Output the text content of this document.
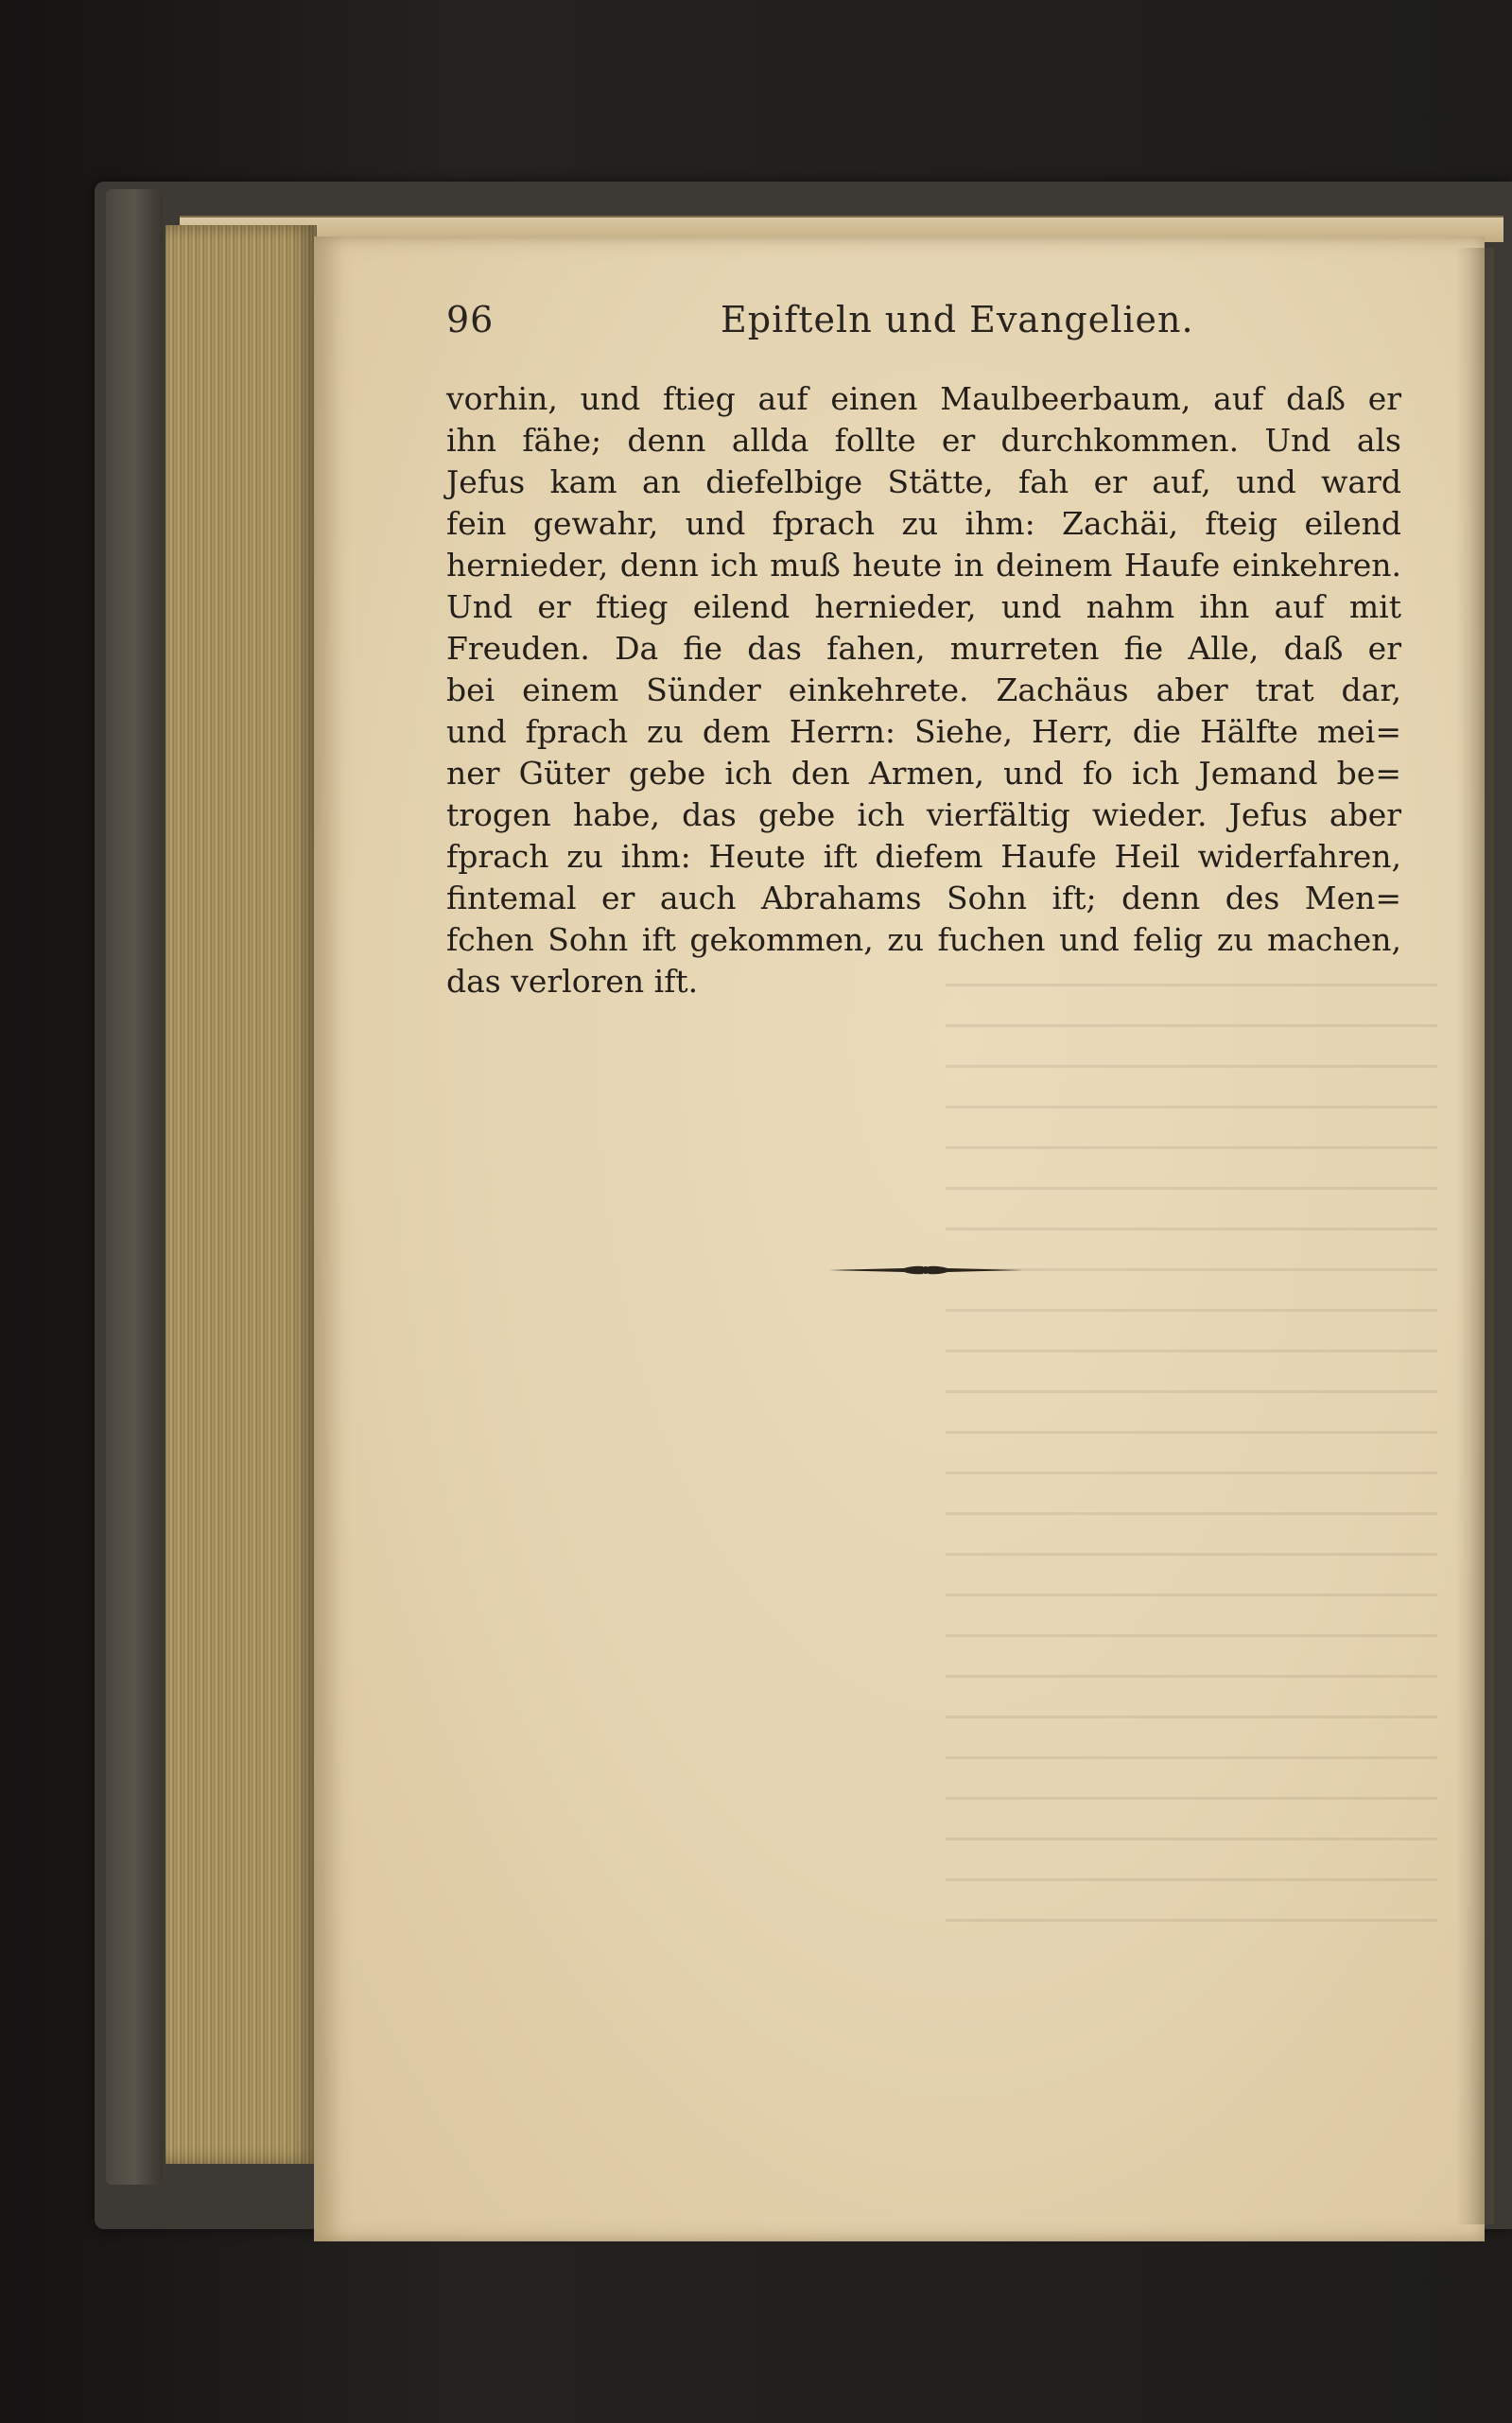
96	Epifteln und Evangelien.
vorhin, und ftieg auf einen Maulbeerbaum, auf daß er
ihn fähe; denn allda follte er durchkommen. Und als
Jefus kam an diefelbige Stätte, fah er auf, und ward
fein gewahr, und fprach zu ihm: Zachäi, fteig eilend
hernieder, denn ich muß heute in deinem Haufe einkehren.
Und er ftieg eilend hernieder, und nahm ihn auf mit
Freuden. Da fie das fahen, murreten fie Alle, daß er
bei einem Sünder einkehrete. Zachäus aber trat dar,
und fprach zu dem Herrn: Siehe, Herr, die Hälfte mei=
ner Güter gebe ich den Armen, und fo ich Jemand be=
trogen habe, das gebe ich vierfältig wieder. Jefus aber
fprach zu ihm: Heute ift diefem Haufe Heil widerfahren,
fintemal er auch Abrahams Sohn ift; denn des Men=
fchen Sohn ift gekommen, zu fuchen und felig zu machen,
das verloren ift.
